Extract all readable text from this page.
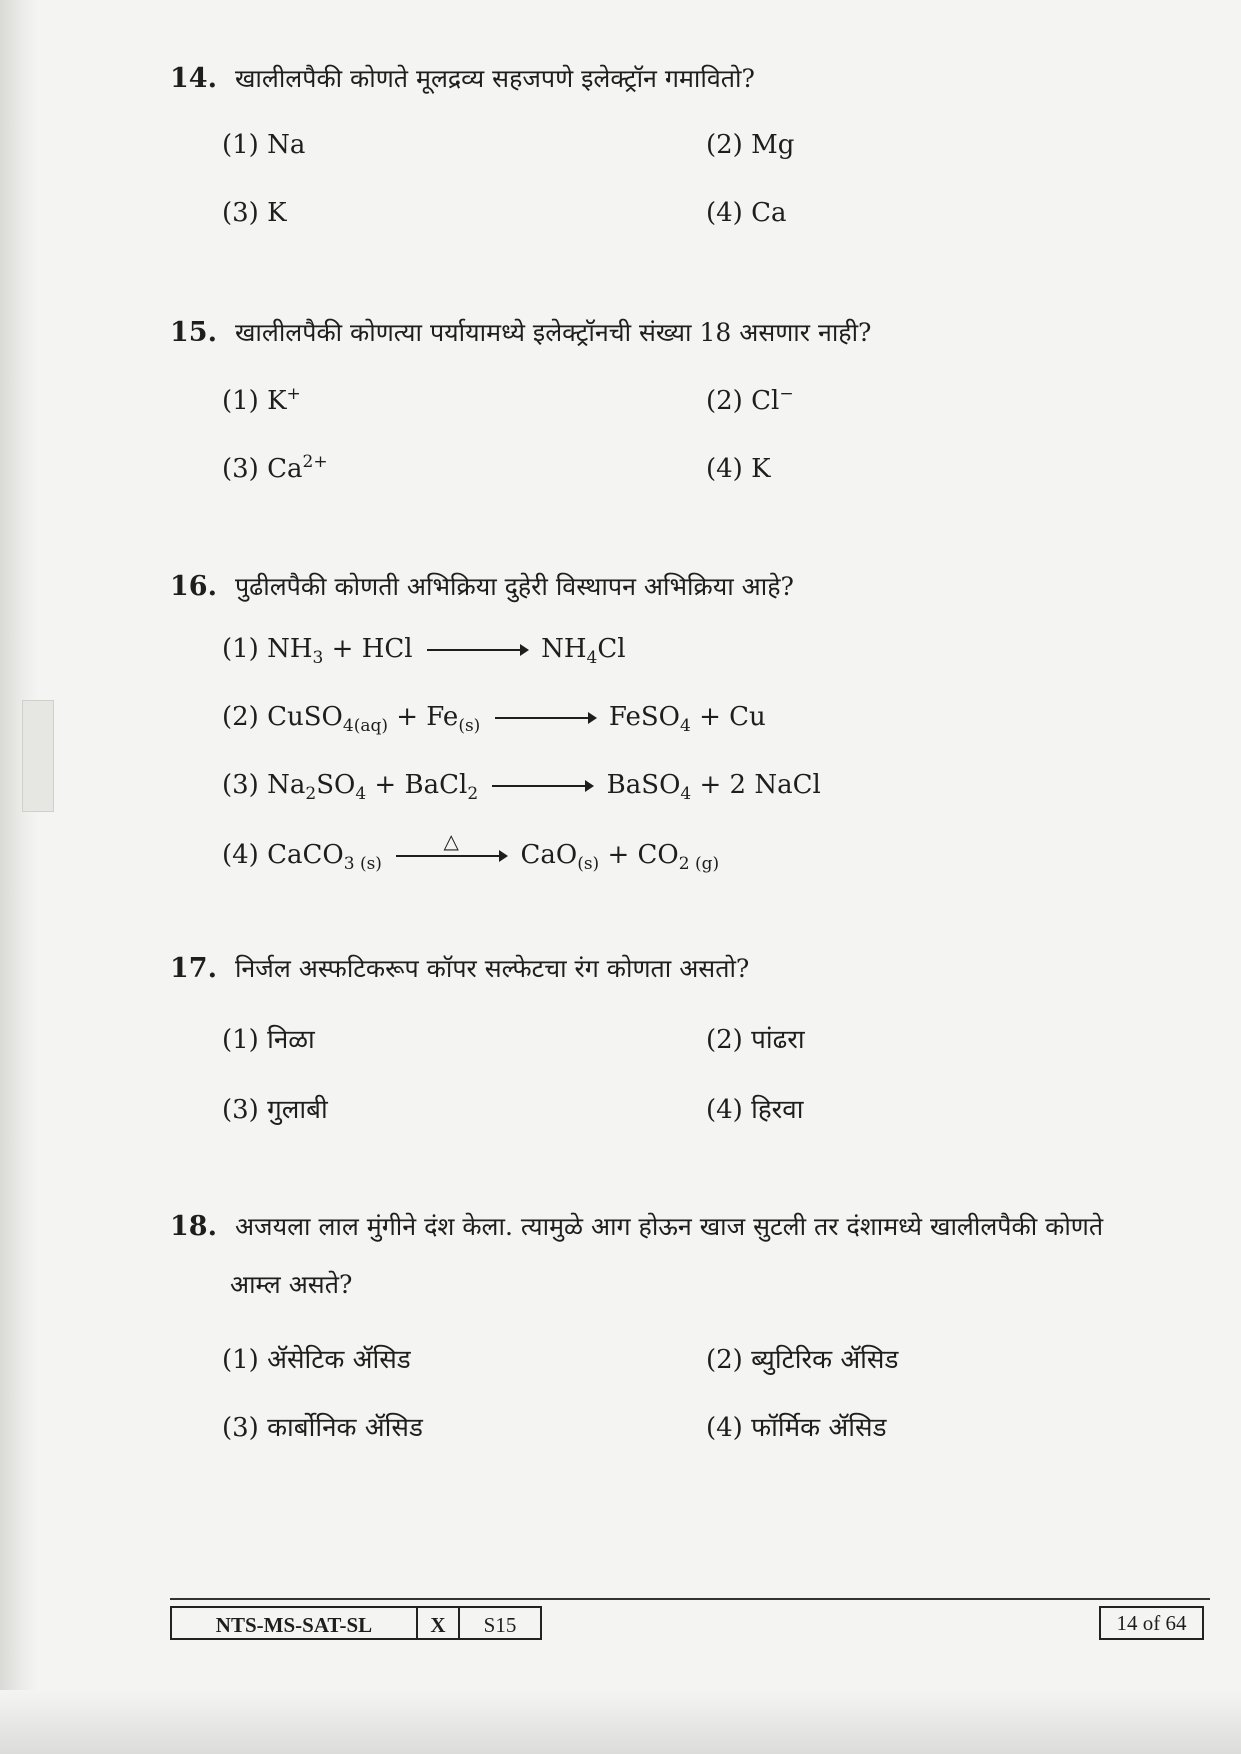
14. खालीलपैकी कोणते मूलद्रव्य सहजपणे इलेक्ट्रॉन गमावितो?
(1) Na	(2) Mg
(3) K	(4) Ca
15. खालीलपैकी कोणत्या पर्यायामध्ये इलेक्ट्रॉनची संख्या 18 असणार नाही?
(1) K+	(2) Cl−
(3) $Ca^{2+}$	(4) K
16. पुढीलपैकी कोणती अभिक्रिया दुहेरी विस्थापन अभिक्रिया आहे?
(1) $NH_3$ + HCl → $NH_4Cl$
(2) CuSO$_{4(aq)}$ + $Fe_{(s)}$ → FeSO$_4$ + Cu
(3) $Na_2SO_4$ + BaCl$_2$ → BaSO$_4$ + 2 NaCl
(4) CaCO$_{3 (s)}$
△ $CaO_{(s)} + CO_{2 (g)}$
17. निर्जल अस्फटिकरूप कॉपर सल्फेटचा रंग कोणता असतो?
(1) निळा	(2) पांढरा
(3) गुलाबी	(4) हिरवा
18. अजयला लाल मुंगीने दंश केला. त्यामुळे आग होऊन खाज सुटली तर दंशामध्ये खालीलपैकी कोणते
आम्ल असते?
(1) ॲसेटिक ॲसिड	(2) ब्युटिरिक ॲसिड
(3) कार्बोनिक ॲसिड	(4) फॉर्मिक ॲसिड
NTS-MS-SAT-SL	X	S15	14 of 64
